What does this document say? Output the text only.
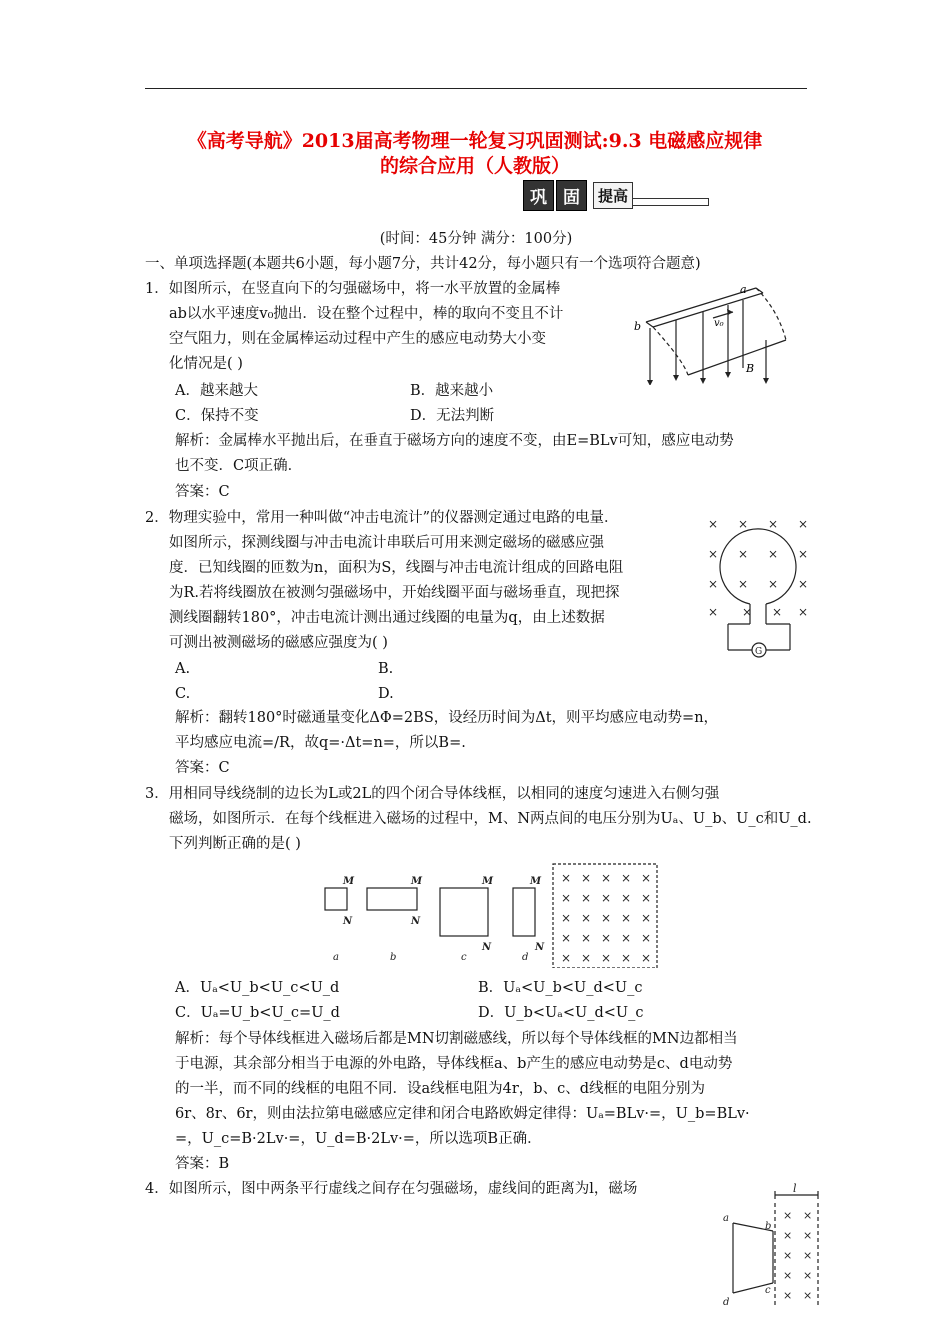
《高考导航》2013届高考物理一轮复习巩固测试:9.3 电磁感应规律
的综合应用（人教版）
巩 固	提高
(时间：45分钟 满分：100分)
一、单项选择题(本题共6小题，每小题7分，共计42分，每小题只有一个选项符合题意)
1．如图所示，在竖直向下的匀强磁场中，将一水平放置的金属棒
ab以水平速度v₀抛出．设在整个过程中，棒的取向不变且不计
空气阻力，则在金属棒运动过程中产生的感应电动势大小变
化情况是( )
A．越来越大	B．越来越小
C．保持不变	D．无法判断
解析：金属棒水平抛出后，在垂直于磁场方向的速度不变，由E=BLv可知，感应电动势
也不变．C项正确．
答案：C
a
b	v₀
B
2．物理实验中，常用一种叫做“冲击电流计”的仪器测定通过电路的电量．
如图所示，探测线圈与冲击电流计串联后可用来测定磁场的磁感应强
度．已知线圈的匝数为n，面积为S，线圈与冲击电流计组成的回路电阻
为R.若将线圈放在被测匀强磁场中，开始线圈平面与磁场垂直，现把探
测线圈翻转180°，冲击电流计测出通过线圈的电量为q，由上述数据
可测出被测磁场的磁感应强度为( )
A.	B.
C.	D.
解析：翻转180°时磁通量变化ΔΦ=2BS，设经历时间为Δt，则平均感应电动势=n，
平均感应电流=/R，故q=·Δt=n=，所以B=.
答案：C
× × × ×
×	×
×	×
×	×
× ×
× ×
× ×
G
3．用相同导线绕制的边长为L或2L的四个闭合导体线框，以相同的速度匀速进入右侧匀强
磁场，如图所示．在每个线框进入磁场的过程中，M、N两点间的电压分别为Uₐ、U_b、U_c和U_d.
下列判断正确的是( )
M
N
M
N
M
N
M
N
a	b	c	d
× × × × ×
× × × × ×
× × × × ×
× × × × ×
× × × × ×
A．Uₐ<U_b<U_c<U_d	B．Uₐ<U_b<U_d<U_c
C．Uₐ=U_b<U_c=U_d	D．U_b<Uₐ<U_d<U_c
解析：每个导体线框进入磁场后都是MN切割磁感线，所以每个导体线框的MN边都相当
于电源，其余部分相当于电源的外电路，导体线框a、b产生的感应电动势是c、d电动势
的一半，而不同的线框的电阻不同．设a线框电阻为4r，b、c、d线框的电阻分别为
6r、8r、6r，则由法拉第电磁感应定律和闭合电路欧姆定律得：Uₐ=BLv·=，U_b=BLv·
=，U_c=B·2Lv·=，U_d=B·2Lv·=，所以选项B正确．
答案：B
4．如图所示，图中两条平行虚线之间存在匀强磁场，虚线间的距离为l，磁场
× ×
× ×
× ×
× ×
× ×
l
a
b
c
d
